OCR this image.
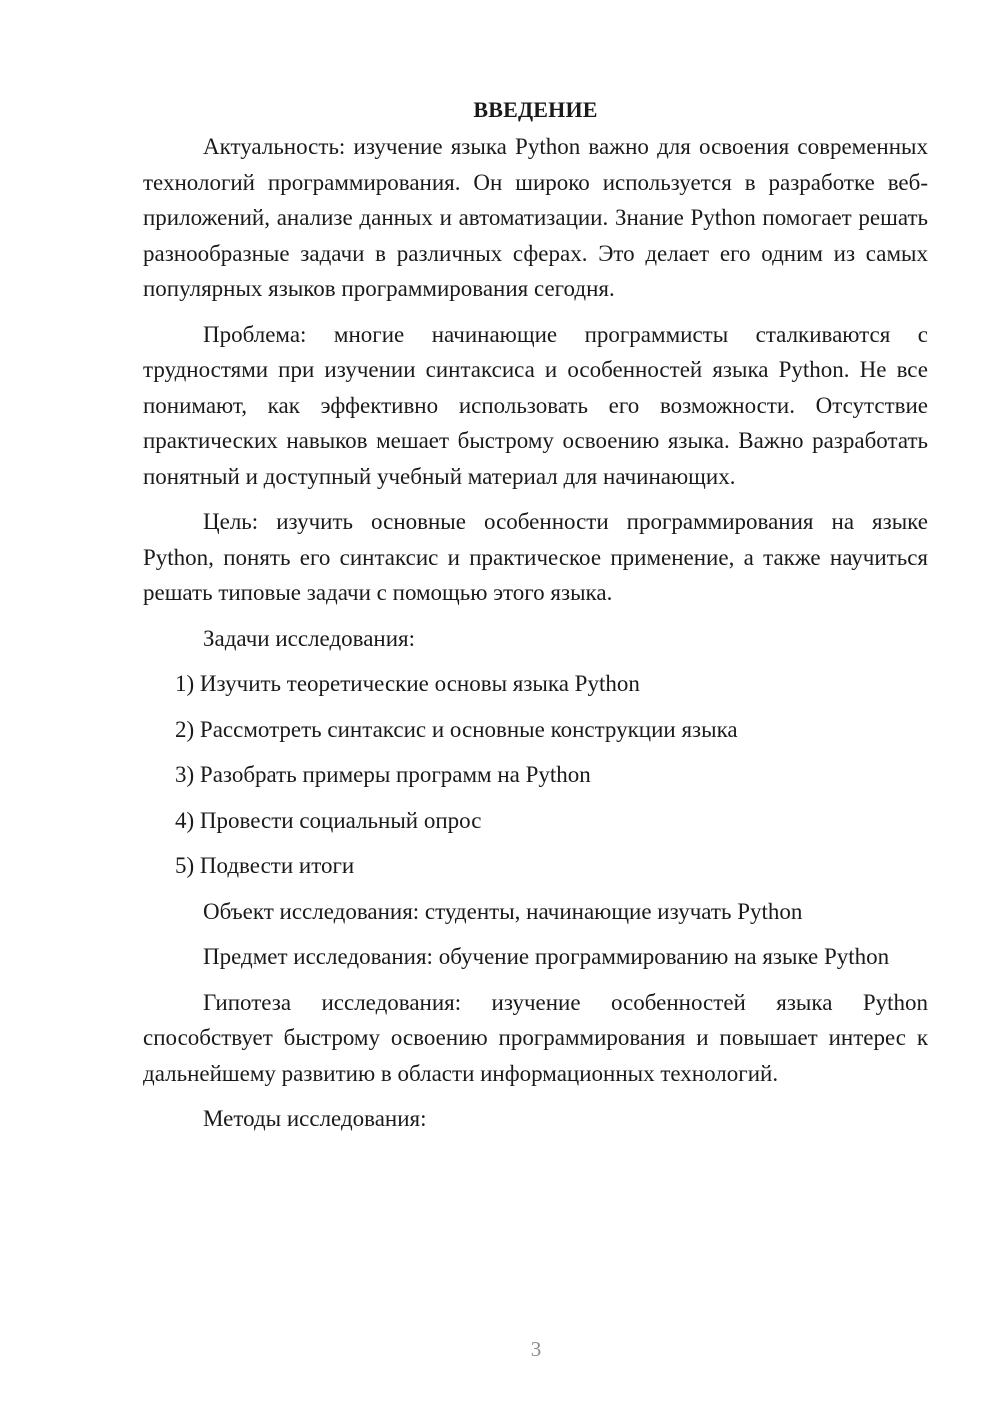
ВВЕДЕНИЕ

Актуальность: изучение языка Python важно для освоения современных технологий программирования. Он широко используется в разработке веб-приложений, анализе данных и автоматизации. Знание Python помогает решать разнообразные задачи в различных сферах. Это делает его одним из самых популярных языков программирования сегодня.

Проблема: многие начинающие программисты сталкиваются с трудностями при изучении синтаксиса и особенностей языка Python. Не все понимают, как эффективно использовать его возможности. Отсутствие практических навыков мешает быстрому освоению языка. Важно разработать понятный и доступный учебный материал для начинающих.

Цель: изучить основные особенности программирования на языке Python, понять его синтаксис и практическое применение, а также научиться решать типовые задачи с помощью этого языка.

Задачи исследования:

1) Изучить теоретические основы языка Python
2) Рассмотреть синтаксис и основные конструкции языка
3) Разобрать примеры программ на Python
4) Провести социальный опрос
5) Подвести итоги

Объект исследования: студенты, начинающие изучать Python

Предмет исследования: обучение программированию на языке Python

Гипотеза исследования: изучение особенностей языка Python способствует быстрому освоению программирования и повышает интерес к дальнейшему развитию в области информационных технологий.

Методы исследования:

3
